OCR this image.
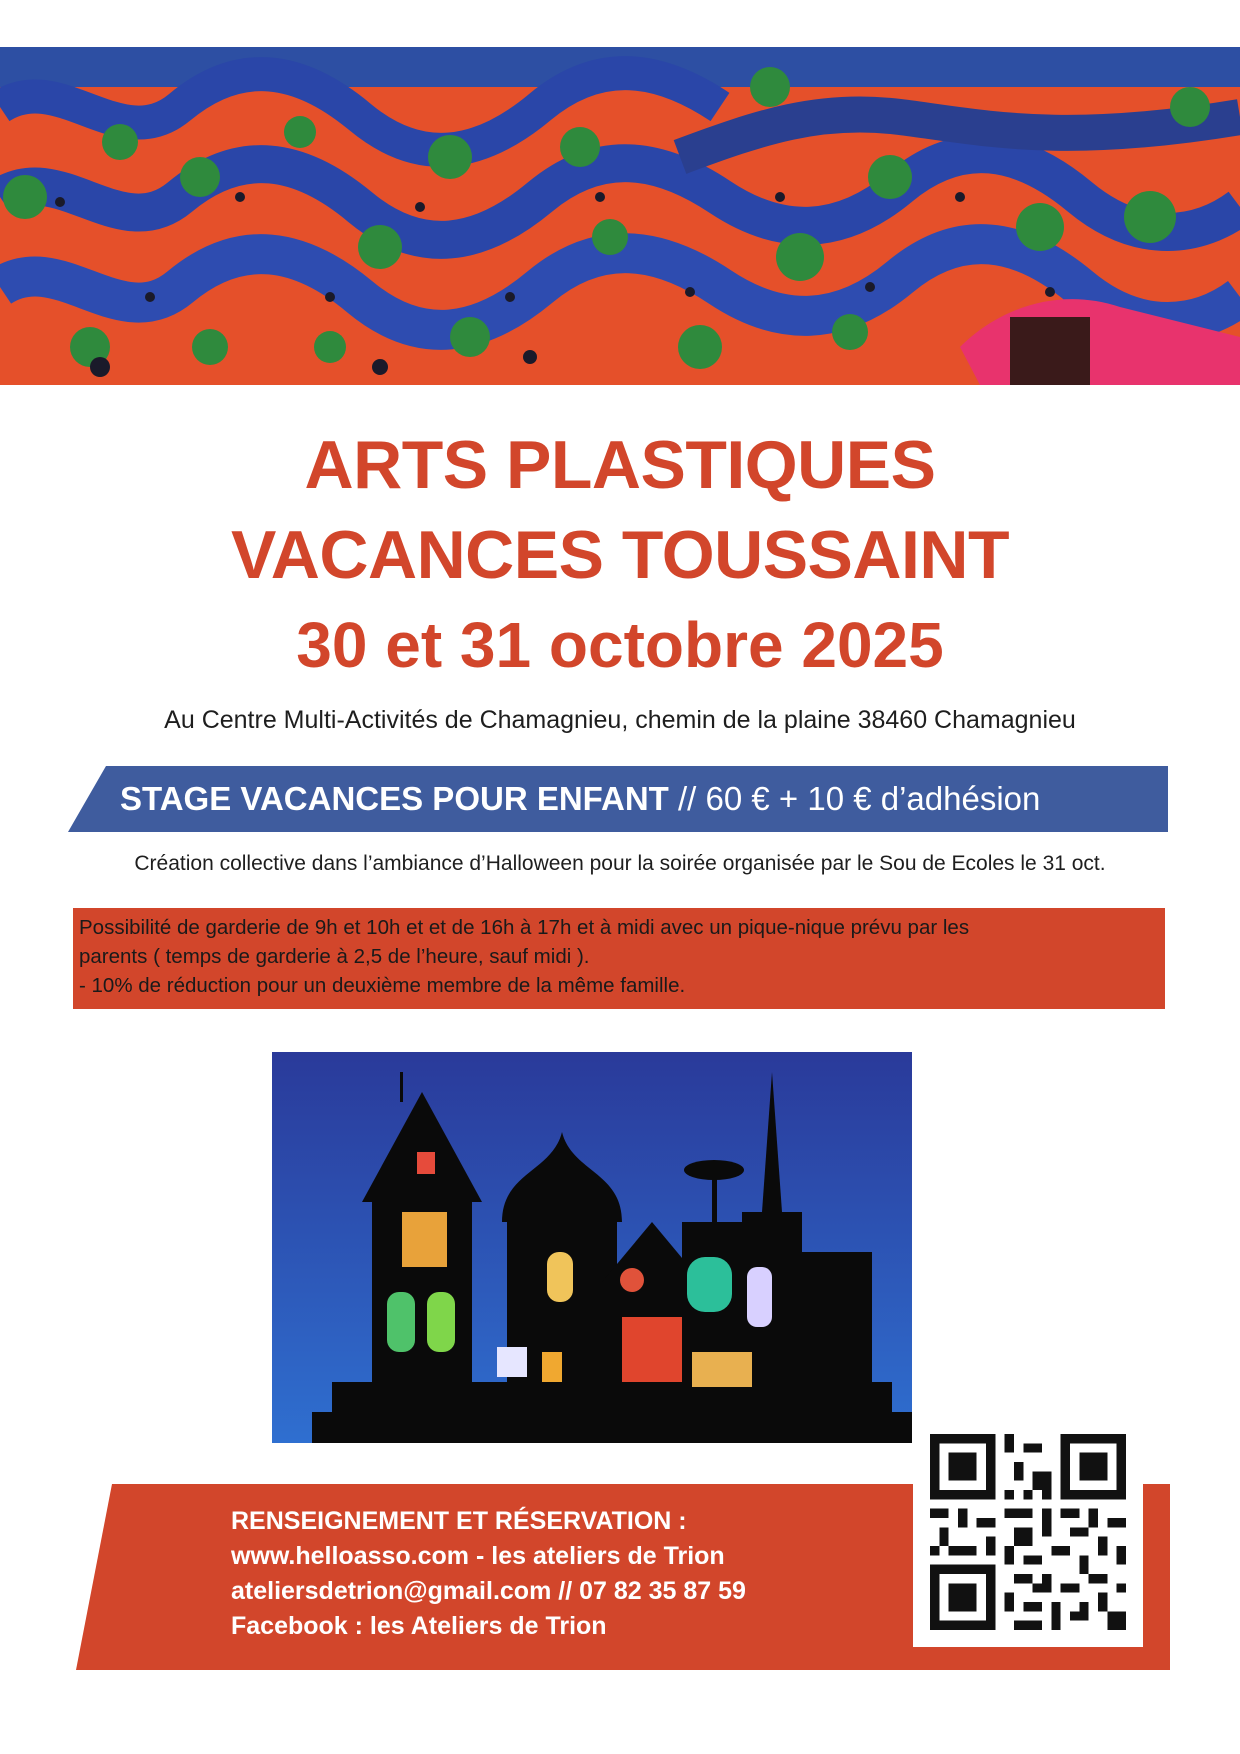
ARTS PLASTIQUES
VACANCES TOUSSAINT
30 et 31 octobre 2025
Au Centre Multi-Activités de Chamagnieu, chemin de la plaine 38460 Chamagnieu
STAGE VACANCES POUR ENFANT // 60 € + 10 € d’adhésion
Création collective dans l’ambiance d’Halloween pour la soirée organisée par le Sou de Ecoles le 31 oct.
Possibilité de garderie de 9h et 10h et et de 16h à 17h et à midi avec un pique-nique prévu par les
parents ( temps de garderie à 2,5 de l’heure, sauf midi ).
- 10% de réduction pour un deuxième membre de la même famille.
RENSEIGNEMENT ET RÉSERVATION :
www.helloasso.com - les ateliers de Trion
ateliersdetrion@gmail.com // 07 82 35 87 59
Facebook : les Ateliers de Trion
